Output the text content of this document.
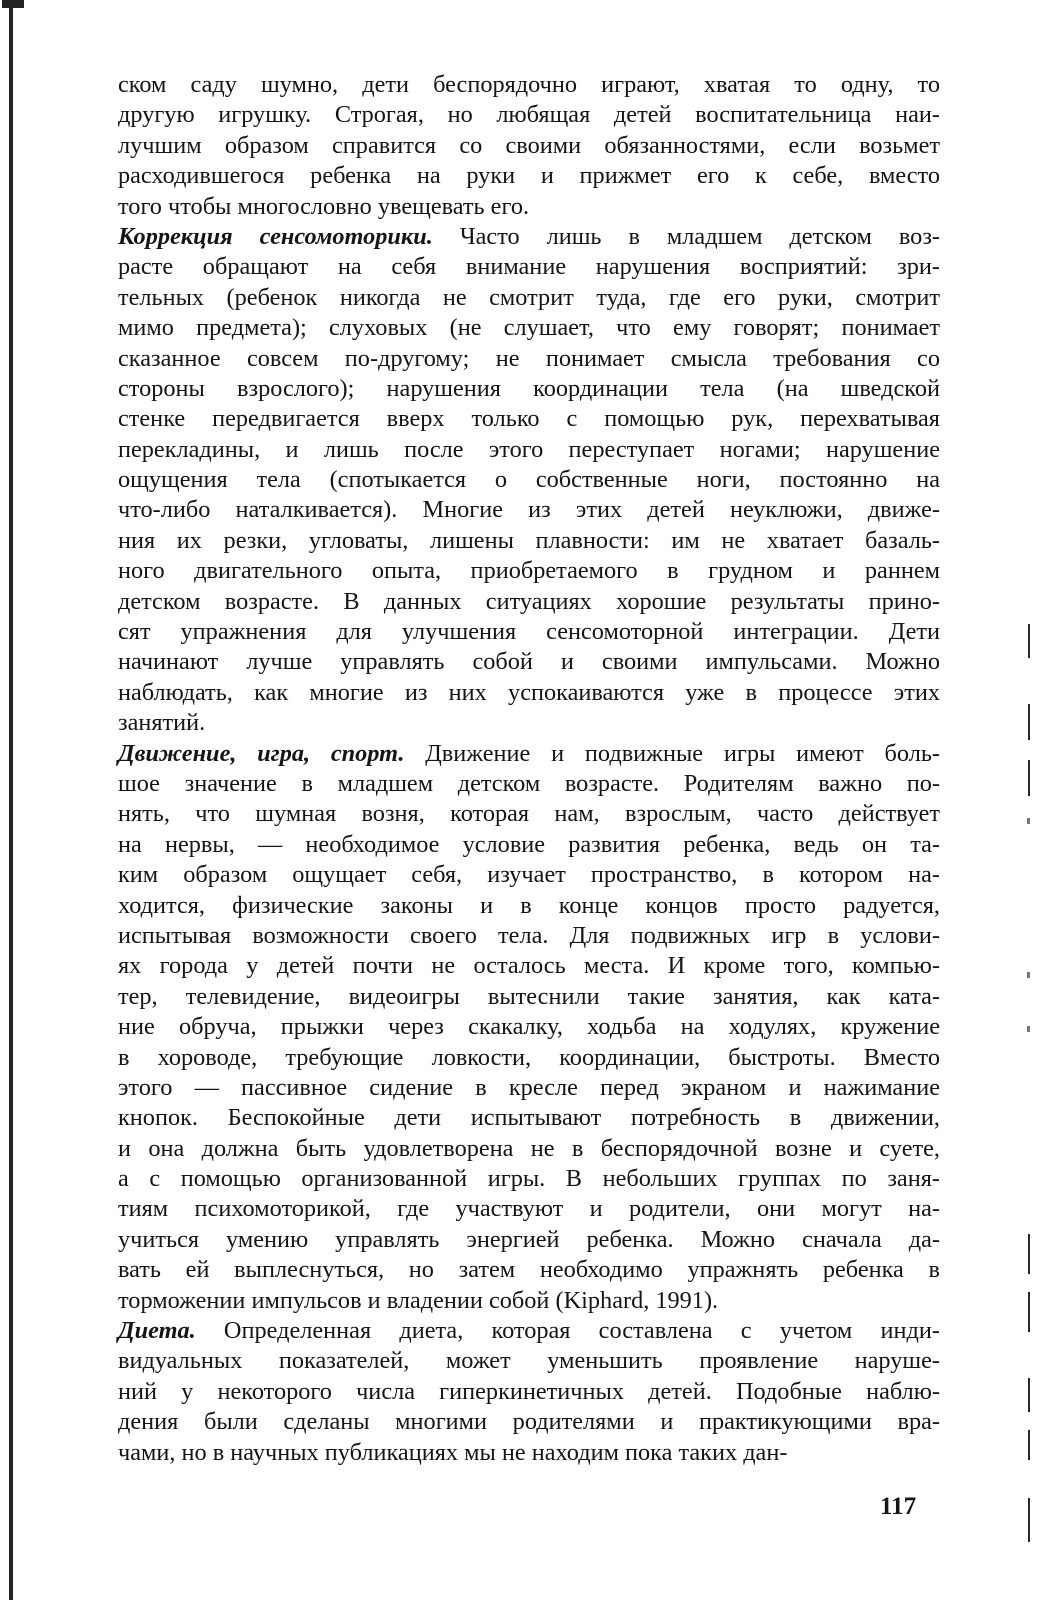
ском саду шумно, дети беспорядочно играют, хватая то одну, то
другую игрушку. Строгая, но любящая детей воспитательница наи-
лучшим образом справится со своими обязанностями, если возьмет
расходившегося ребенка на руки и прижмет его к себе, вместо
того чтобы многословно увещевать его.
Коррекция сенсомоторики. Часто лишь в младшем детском воз-
расте обращают на себя внимание нарушения восприятий: зри-
тельных (ребенок никогда не смотрит туда, где его руки, смотрит
мимо предмета); слуховых (не слушает, что ему говорят; понимает
сказанное совсем по-другому; не понимает смысла требования со
стороны взрослого); нарушения координации тела (на шведской
стенке передвигается вверх только с помощью рук, перехватывая
перекладины, и лишь после этого переступает ногами; нарушение
ощущения тела (спотыкается о собственные ноги, постоянно на
что-либо наталкивается). Многие из этих детей неуклюжи, движе-
ния их резки, угловаты, лишены плавности: им не хватает базаль-
ного двигательного опыта, приобретаемого в грудном и раннем
детском возрасте. В данных ситуациях хорошие результаты прино-
сят упражнения для улучшения сенсомоторной интеграции. Дети
начинают лучше управлять собой и своими импульсами. Можно
наблюдать, как многие из них успокаиваются уже в процессе этих
занятий.
Движение, игра, спорт. Движение и подвижные игры имеют боль-
шое значение в младшем детском возрасте. Родителям важно по-
нять, что шумная возня, которая нам, взрослым, часто действует
на нервы, — необходимое условие развития ребенка, ведь он та-
ким образом ощущает себя, изучает пространство, в котором на-
ходится, физические законы и в конце концов просто радуется,
испытывая возможности своего тела. Для подвижных игр в услови-
ях города у детей почти не осталось места. И кроме того, компью-
тер, телевидение, видеоигры вытеснили такие занятия, как ката-
ние обруча, прыжки через скакалку, ходьба на ходулях, кружение
в хороводе, требующие ловкости, координации, быстроты. Вместо
этого — пассивное сидение в кресле перед экраном и нажимание
кнопок. Беспокойные дети испытывают потребность в движении,
и она должна быть удовлетворена не в беспорядочной возне и суете,
а с помощью организованной игры. В небольших группах по заня-
тиям психомоторикой, где участвуют и родители, они могут на-
учиться умению управлять энергией ребенка. Можно сначала да-
вать ей выплеснуться, но затем необходимо упражнять ребенка в
торможении импульсов и владении собой (Kiphard, 1991).
Диета. Определенная диета, которая составлена с учетом инди-
видуальных показателей, может уменьшить проявление наруше-
ний у некоторого числа гиперкинетичных детей. Подобные наблю-
дения были сделаны многими родителями и практикующими вра-
чами, но в научных публикациях мы не находим пока таких дан-
117
